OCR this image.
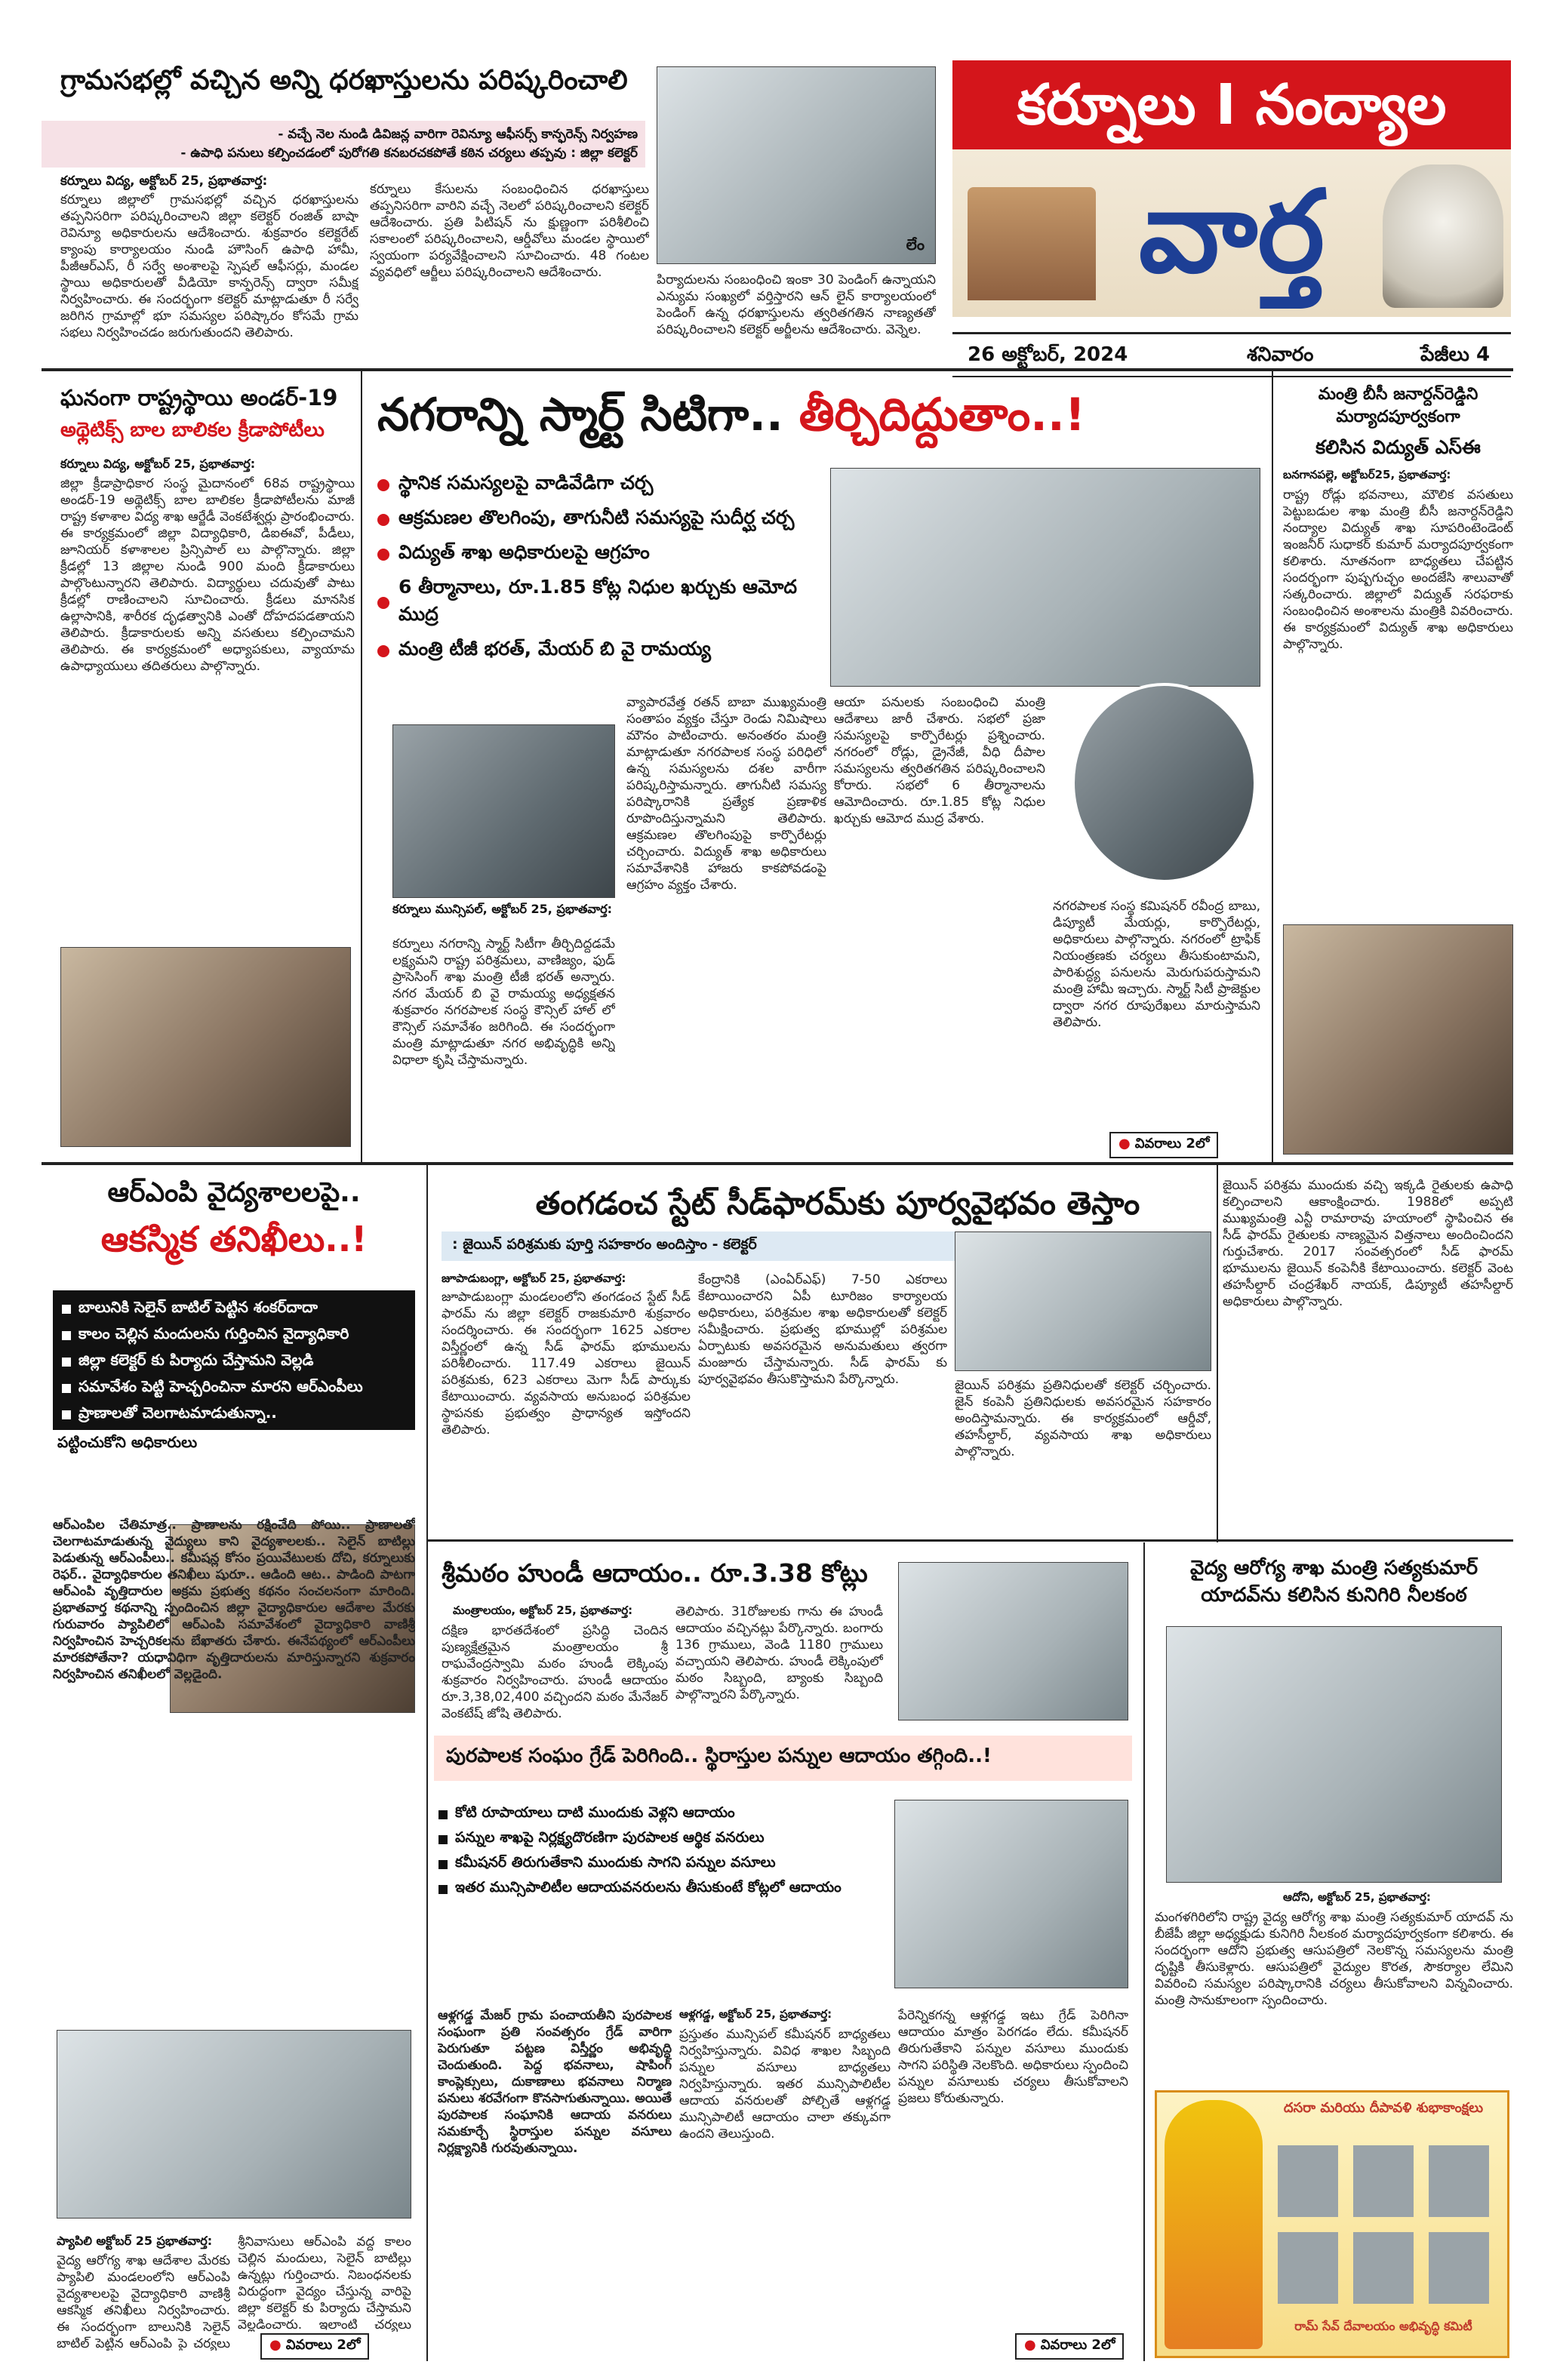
కర్నూలు I నంద్యాల
వార్త
26 అక్టోబర్, 2024	శనివారం	పేజీలు 4
గ్రామసభల్లో వచ్చిన అన్ని ధరఖాస్తులను పరిష్కరించాలి
- వచ్చే నెల నుండి డివిజన్ల వారిగా రెవిన్యూ ఆఫీసర్స్ కాన్ఫరెన్స్ నిర్వహణ
- ఉపాధి పనులు కల్పించడంలో పురోగతి కనబరచకపోతే కఠిన చర్యలు తప్పవు : జిల్లా కలెక్టర్
లేం
కర్నూలు విద్య, అక్టోబర్ 25, ప్రభాతవార్త:
కర్నూలు జిల్లాలో గ్రామసభల్లో వచ్చిన ధరఖాస్తులను తప్పనిసరిగా పరిష్కరించాలని జిల్లా కలెక్టర్ రంజిత్ బాషా రెవిన్యూ అధికారులను ఆదేశించారు. శుక్రవారం కలెక్టరేట్ క్యాంపు కార్యాలయం నుండి హౌసింగ్ ఉపాధి హామీ, పీజీఆర్ఎస్, రీ సర్వే అంశాలపై స్పెషల్ ఆఫీసర్లు, మండల స్థాయి అధికారులతో వీడియో కాన్ఫరెన్స్ ద్వారా సమీక్ష నిర్వహించారు. ఈ సందర్భంగా కలెక్టర్ మాట్లాడుతూ రీ సర్వే జరిగిన గ్రామాల్లో భూ సమస్యల పరిష్కారం కోసమే గ్రామ సభలు నిర్వహించడం జరుగుతుందని తెలిపారు.
కర్నూలు కేసులను సంబంధించిన ధరఖాస్తులు తప్పనిసరిగా వారిని వచ్చే నెలలో పరిష్కరించాలని కలెక్టర్ ఆదేశించారు. ప్రతి పిటిషన్ ను క్షుణ్ణంగా పరిశీలించి సకాలంలో పరిష్కరించాలని, ఆర్డీవోలు మండల స్థాయిలో స్వయంగా పర్యవేక్షించాలని సూచించారు. 48 గంటల వ్యవధిలో ఆర్జీలు పరిష్కరించాలని ఆదేశించారు.	పిర్యాదులను సంబంధించి ఇంకా 30 పెండింగ్ ఉన్నాయని ఎన్యుమ సంఖ్యలో వర్తిస్తారని ఆన్ లైన్ కార్యాలయంలో పెండింగ్ ఉన్న ధరఖాస్తులను త్వరితగతిన నాణ్యతతో పరిష్కరించాలని కలెక్టర్ అర్జీలను ఆదేశించారు. వెన్నెల.
ఘనంగా రాష్ట్రస్థాయి అండర్-19
అథ్లెటిక్స్ బాల బాలికల క్రీడాపోటీలు
కర్నూలు విద్య, అక్టోబర్ 25, ప్రభాతవార్త:
జిల్లా క్రీడాప్రాధికార సంస్థ మైదానంలో 68వ రాష్ట్రస్థాయి అండర్-19 అథ్లెటిక్స్ బాల బాలికల క్రీడాపోటీలను మాజీ రాష్ట్ర కళాశాల విద్య శాఖ ఆర్జేడీ వెంకటేశ్వర్లు ప్రారంభించారు. ఈ కార్యక్రమంలో జిల్లా విద్యాధికారి, డిఐఈవో, పీడీలు, జూనియర్ కళాశాలల ప్రిన్సిపాల్ లు పాల్గొన్నారు. జిల్లా క్రీడల్లో 13 జిల్లాల నుండి 900 మంది క్రీడాకారులు పాల్గొంటున్నారని తెలిపారు. విద్యార్థులు చదువుతో పాటు క్రీడల్లో రాణించాలని సూచించారు. క్రీడలు మానసిక ఉల్లాసానికి, శారీరక దృఢత్వానికి ఎంతో దోహదపడతాయని తెలిపారు. క్రీడాకారులకు అన్ని వసతులు కల్పించామని తెలిపారు. ఈ కార్యక్రమంలో అధ్యాపకులు, వ్యాయామ ఉపాధ్యాయులు తదితరులు పాల్గొన్నారు.
నగరాన్ని స్మార్ట్ సిటిగా.. తీర్చిదిద్దుతాం..!
స్థానిక సమస్యలపై వాడివేడిగా చర్చ
ఆక్రమణల తొలగింపు, తాగునీటి సమస్యపై సుదీర్ఘ చర్చ
విద్యుత్ శాఖ అధికారులపై ఆగ్రహం
6 తీర్మానాలు, రూ.1.85 కోట్ల నిధుల ఖర్చుకు ఆమోద ముద్ర
మంత్రి టీజీ భరత్, మేయర్ బి వై రామయ్య
కర్నూలు మున్సిపల్, అక్టోబర్ 25, ప్రభాతవార్త:
కర్నూలు నగరాన్ని స్మార్ట్ సిటీగా తీర్చిదిద్దడమే లక్ష్యమని రాష్ట్ర పరిశ్రమలు, వాణిజ్యం, ఫుడ్ ప్రాసెసింగ్ శాఖ మంత్రి టీజీ భరత్ అన్నారు. నగర మేయర్ బి వై రామయ్య అధ్యక్షతన శుక్రవారం నగరపాలక సంస్థ కౌన్సిల్ హాల్ లో కౌన్సిల్ సమావేశం జరిగింది. ఈ సందర్భంగా మంత్రి మాట్లాడుతూ నగర అభివృద్ధికి అన్ని విధాలా కృషి చేస్తామన్నారు.
వ్యాపారవేత్త రతన్ బాబా ముఖ్యమంత్రి సంతాపం వ్యక్తం చేస్తూ రెండు నిమిషాలు మౌనం పాటించారు. అనంతరం మంత్రి మాట్లాడుతూ నగరపాలక సంస్థ పరిధిలో ఉన్న సమస్యలను దశల వారీగా పరిష్కరిస్తామన్నారు. తాగునీటి సమస్య పరిష్కారానికి ప్రత్యేక ప్రణాళిక రూపొందిస్తున్నామని తెలిపారు. ఆక్రమణల తొలగింపుపై కార్పొరేటర్లు చర్చించారు. విద్యుత్ శాఖ అధికారులు సమావేశానికి హాజరు కాకపోవడంపై ఆగ్రహం వ్యక్తం చేశారు.
ఆయా పనులకు సంబంధించి మంత్రి ఆదేశాలు జారీ చేశారు. సభలో ప్రజా సమస్యలపై కార్పొరేటర్లు ప్రశ్నించారు. నగరంలో రోడ్లు, డ్రైనేజీ, వీధి దీపాల సమస్యలను త్వరితగతిన పరిష్కరించాలని కోరారు. సభలో 6 తీర్మానాలను ఆమోదించారు. రూ.1.85 కోట్ల నిధుల ఖర్చుకు ఆమోద ముద్ర వేశారు.
నగరపాలక సంస్థ కమిషనర్ రవీంద్ర బాబు, డిప్యూటీ మేయర్లు, కార్పొరేటర్లు, అధికారులు పాల్గొన్నారు. నగరంలో ట్రాఫిక్ నియంత్రణకు చర్యలు తీసుకుంటామని, పారిశుద్ధ్య పనులను మెరుగుపరుస్తామని మంత్రి హామీ ఇచ్చారు. స్మార్ట్ సిటీ ప్రాజెక్టుల ద్వారా నగర రూపురేఖలు మారుస్తామని తెలిపారు.
● వివరాలు 2లో
మంత్రి బీసీ జనార్దన్‌రెడ్డిని మర్యాదపూర్వకంగా
కలిసిన విద్యుత్ ఎస్ఈ
బనగానపల్లె, అక్టోబర్25, ప్రభాతవార్త:
రాష్ట్ర రోడ్లు భవనాలు, మౌలిక వసతులు పెట్టుబడుల శాఖ మంత్రి బీసీ జనార్దన్‌రెడ్డిని నంద్యాల విద్యుత్ శాఖ సూపరింటెండెంట్ ఇంజనీర్ సుధాకర్ కుమార్ మర్యాదపూర్వకంగా కలిశారు. నూతనంగా బాధ్యతలు చేపట్టిన సందర్భంగా పుష్పగుచ్ఛం అందజేసి శాలువాతో సత్కరించారు. జిల్లాలో విద్యుత్ సరఫరాకు సంబంధించిన అంశాలను మంత్రికి వివరించారు. ఈ కార్యక్రమంలో విద్యుత్ శాఖ అధికారులు పాల్గొన్నారు.
ఆర్ఎంపి వైద్యశాలలపై..
ఆకస్మిక తనిఖీలు..!
బాలునికి సెలైన్ బాటిల్ పెట్టిన శంకర్‌దాదా
కాలం చెల్లిన మందులను గుర్తించిన వైద్యాధికారి
జిల్లా కలెక్టర్ కు పిర్యాదు చేస్తామని వెల్లడి
సమావేశం పెట్టి హెచ్చరించినా మారని ఆర్ఎంపీలు
ప్రాణాలతో చెలగాటమాడుతున్నా..
పట్టించుకోని అధికారులు
ఆర్ఎంపిల చేతిమాత్ర.. ప్రాణాలను రక్షించేది పోయి.. ప్రాణాలతో చెలగాటమాడుతున్న వైద్యులు కాని వైద్యశాలలకు.. సెలైన్ బాటిల్లు పెడుతున్న ఆర్ఎంపీలు.. కమీషన్ల కోసం ప్రయివేటులకు దోచి, కర్నూలుకు రెఫర్.. వైద్యాధికారుల తనిఖీలు షురూ.. ఆడింది ఆట.. పాడింది పాటగా ఆర్ఎంపి వృత్తిదారుల అక్రమ ప్రభుత్వ కథనం సంచలనంగా మారింది. ప్రభాతవార్త కథనాన్ని స్పందించిన జిల్లా వైద్యాధికారుల ఆదేశాల మేరకు గురువారం ప్యాపిలిలో ఆర్ఎంపి సమావేశంలో వైద్యాధికారి వాణిశ్రీ నిర్వహించిన హెచ్చరికలను బేఖాతరు చేశారు. ఈనేపథ్యంలో ఆర్ఎంపీలు మారకపోతేనా? యధావిధిగా వృత్తిదారులను మారిస్తున్నారని శుక్రవారం నిర్వహించిన తనిఖీలలో వెల్లడైంది.
ప్యాపిలి అక్టోబర్ 25 ప్రభాతవార్త:
వైద్య ఆరోగ్య శాఖ ఆదేశాల మేరకు ప్యాపిలి మండలంలోని ఆర్ఎంపి వైద్యశాలలపై వైద్యాధికారి వాణిశ్రీ ఆకస్మిక తనిఖీలు నిర్వహించారు. ఈ సందర్భంగా బాలునికి సెలైన్ బాటిల్ పెట్టిన ఆర్ఎంపి పై చర్యలు
శ్రీనివాసులు ఆర్ఎంపి వద్ద కాలం చెల్లిన మందులు, సెలైన్ బాటిల్లు ఉన్నట్లు గుర్తించారు. నిబంధనలకు విరుద్ధంగా వైద్యం చేస్తున్న వారిపై జిల్లా కలెక్టర్ కు పిర్యాదు చేస్తామని వెల్లడించారు. ఇలాంటి చర్యలు
● వివరాలు 2లో
తంగడంచ స్టేట్ సీడ్‌ఫారమ్‌కు పూర్వవైభవం తెస్తాం
: జైయిన్ పరిశ్రమకు పూర్తి సహకారం అందిస్తాం - కలెక్టర్
జూపాడుబంగ్లా, అక్టోబర్ 25, ప్రభాతవార్త:
జూపాడుబంగ్లా మండలంలోని తంగడంచ స్టేట్ సీడ్ ఫారమ్ ను జిల్లా కలెక్టర్ రాజకుమారి శుక్రవారం సందర్శించారు. ఈ సందర్భంగా 1625 ఎకరాల విస్తీర్ణంలో ఉన్న సీడ్ ఫారమ్ భూములను పరిశీలించారు. 117.49 ఎకరాలు జైయిన్ పరిశ్రమకు, 623 ఎకరాలు మెగా సీడ్ పార్కుకు కేటాయించారు. వ్యవసాయ అనుబంధ పరిశ్రమల స్థాపనకు ప్రభుత్వం ప్రాధాన్యత ఇస్తోందని తెలిపారు.
కేంద్రానికి (ఎంఏర్ఎఫ్) 7-50 ఎకరాలు కేటాయించారని ఏపీ టూరిజం కార్యాలయ అధికారులు, పరిశ్రమల శాఖ అధికారులతో కలెక్టర్ సమీక్షించారు. ప్రభుత్వ భూముల్లో పరిశ్రమల ఏర్పాటుకు అవసరమైన అనుమతులు త్వరగా మంజూరు చేస్తామన్నారు. సీడ్ ఫారమ్ కు పూర్వవైభవం తీసుకొస్తామని పేర్కొన్నారు.	జైయిన్ పరిశ్రమ ప్రతినిధులతో కలెక్టర్ చర్చించారు. జైన్ కంపెనీ ప్రతినిధులకు అవసరమైన సహకారం అందిస్తామన్నారు. ఈ కార్యక్రమంలో ఆర్డీవో, తహసీల్దార్, వ్యవసాయ శాఖ అధికారులు పాల్గొన్నారు.
జైయిన్ పరిశ్రమ ముందుకు వచ్చి ఇక్కడి రైతులకు ఉపాధి కల్పించాలని ఆకాంక్షించారు. 1988లో అప్పటి ముఖ్యమంత్రి ఎన్టీ రామారావు హయాంలో స్థాపించిన ఈ సీడ్ ఫారమ్ రైతులకు నాణ్యమైన విత్తనాలు అందించిందని గుర్తుచేశారు. 2017 సంవత్సరంలో సీడ్ ఫారమ్ భూములను జైయిన్ కంపెనీకి కేటాయించారు. కలెక్టర్ వెంట తహసీల్దార్ చంద్రశేఖర్ నాయక్, డిప్యూటీ తహసీల్దార్ అధికారులు పాల్గొన్నారు.
శ్రీమఠం హుండీ ఆదాయం.. రూ.3.38 కోట్లు
మంత్రాలయం, అక్టోబర్ 25, ప్రభాతవార్త:
దక్షిణ భారతదేశంలో ప్రసిద్ధి చెందిన పుణ్యక్షేత్రమైన మంత్రాలయం శ్రీ రాఘవేంద్రస్వామి మఠం హుండీ లెక్కింపు శుక్రవారం నిర్వహించారు. హుండీ ఆదాయం రూ.3,38,02,400 వచ్చిందని మఠం మేనేజర్ వెంకటేష్ జోషి తెలిపారు.
తెలిపారు. 31రోజులకు గాను ఈ హుండీ ఆదాయం వచ్చినట్లు పేర్కొన్నారు. బంగారు 136 గ్రాములు, వెండి 1180 గ్రాములు వచ్చాయని తెలిపారు. హుండీ లెక్కింపులో మఠం సిబ్బంది, బ్యాంకు సిబ్బంది పాల్గొన్నారని పేర్కొన్నారు.
పురపాలక సంఘం గ్రేడ్ పెరిగింది.. స్థిరాస్తుల పన్నుల ఆదాయం తగ్గింది..!
కోటి రూపాయాలు దాటి ముందుకు వెళ్లని ఆదాయం
పన్నుల శాఖపై నిర్లక్ష్యదొరణిగా పురపాలక ఆర్థిక వనరులు
కమీషనర్ తిరుగుతేకాని ముందుకు సాగని పన్నుల వసూలు
ఇతర మున్సిపాలిటీల ఆదాయవనరులను తీసుకుంటే కోట్లలో ఆదాయం
ఆళ్లగడ్డ మేజర్ గ్రామ పంచాయతీని పురపాలక సంఘంగా ప్రతి సంవత్సరం గ్రేడ్ వారిగా పెరుగుతూ పట్టణ విస్తీర్ణం అభివృద్ధి చెందుతుంది. పెద్ద భవనాలు, షాపింగ్ కాంప్లెక్సులు, దుకాణాలు భవనాలు నిర్మాణ పనులు శరవేగంగా కొనసాగుతున్నాయి. అయితే పురపాలక సంఘానికి ఆదాయ వనరులు సమకూర్చే స్థిరాస్తుల పన్నుల వసూలు నిర్లక్ష్యానికి గురవుతున్నాయి.
ఆళ్లగడ్డ, అక్టోబర్ 25, ప్రభాతవార్త:
ప్రస్తుతం మున్సిపల్ కమీషనర్ బాధ్యతలు నిర్వహిస్తున్నారు. వివిధ శాఖల సిబ్బంది పన్నుల వసూలు బాధ్యతలు నిర్వహిస్తున్నారు. ఇతర మున్సిపాలిటీల ఆదాయ వనరులతో పోల్చితే ఆళ్లగడ్డ మున్సిపాలిటీ ఆదాయం చాలా తక్కువగా ఉందని తెలుస్తుంది.
పేరెన్నికగన్న ఆళ్లగడ్డ ఇటు గ్రేడ్ పెరిగినా ఆదాయం మాత్రం పెరగడం లేదు. కమీషనర్ తిరుగుతేకాని పన్నుల వసూలు ముందుకు సాగని పరిస్థితి నెలకొంది. అధికారులు స్పందించి పన్నుల వసూలుకు చర్యలు తీసుకోవాలని ప్రజలు కోరుతున్నారు.
● వివరాలు 2లో
వైద్య ఆరోగ్య శాఖ మంత్రి సత్యకుమార్ యాదవ్‌ను కలిసిన కునిగిరి నీలకంఠ
ఆదోని, అక్టోబర్ 25, ప్రభాతవార్త:
మంగళగిరిలోని రాష్ట్ర వైద్య ఆరోగ్య శాఖ మంత్రి సత్యకుమార్ యాదవ్ ను బీజేపీ జిల్లా అధ్యక్షుడు కునిగిరి నీలకంఠ మర్యాదపూర్వకంగా కలిశారు. ఈ సందర్భంగా ఆదోని ప్రభుత్వ ఆసుపత్రిలో నెలకొన్న సమస్యలను మంత్రి దృష్టికి తీసుకెళ్లారు. ఆసుపత్రిలో వైద్యుల కొరత, సౌకర్యాల లేమిని వివరించి సమస్యల పరిష్కారానికి చర్యలు తీసుకోవాలని విన్నవించారు. మంత్రి సానుకూలంగా స్పందించారు.
దసరా మరియు దీపావళి శుభాకాంక్షలు
రామ్ సేవ్ దేవాలయం అభివృద్ధి కమిటీ
